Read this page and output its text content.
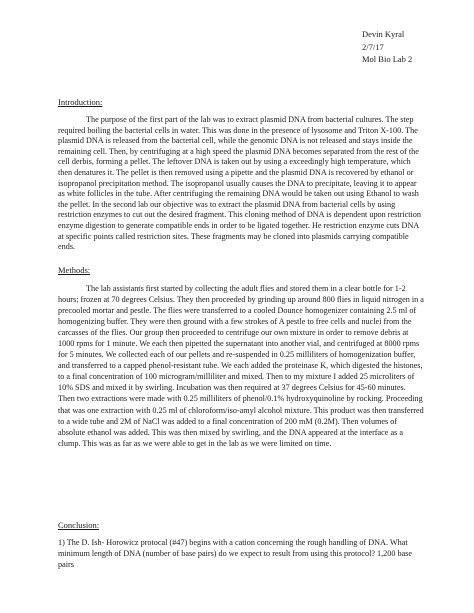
Devin Kyral
2/7/17
Mol Bio Lab 2
Introduction:

The purpose of the first part of the lab was to extract plasmid DNA from bacterial cultures. The step required boiling the bacterial cells in water. This was done in the presence of lysosome and Triton X-100. The plasmid DNA is released from the bacterial cell, while the genomic DNA is not released and stays inside the remaining cell. Then, by centrifuging at a high speed the plasmid DNA becomes separated from the rest of the cell derbis, forming a pellet. The leftover DNA is taken out by using a exceedingly high temperature, which then denatures it. The pellet is then removed using a pipette and the plasmid DNA is recovered by ethanol or isopropanol precipitation method. The isopropanol usually causes the DNA to precipitate, leaving it to appear as white follicles in the tube. After centrifuging the remaining DNA would be taken out using Ethanol to wash the pellet. In the second lab our objective was to extract the plasmid DNA from bacterial cells by using restriction enzymes to cut out the desired fragment. This cloning method of DNA is dependent upon restriction enzyme digestion to generate compatible ends in order to be ligated together. He restriction enzyme cuts DNA at specific points called restriction sites. These fragments may be cloned into plasmids carrying compatible ends.

Methods:

The lab assistants first started by collecting the adult flies and stored them in a clear bottle for 1-2 hours; frozen at 70 degrees Celsius. They then proceeded by grinding up around 800 flies in liquid nitrogen in a precooled mortar and pestle. The flies were transferred to a cooled Dounce homogenizer containing 2.5 ml of homogenizing buffer. They were then ground with a few strokes of A pestle to free cells and nuclei from the carcasses of the flies. Our group then proceeded to centrifuge our own mixture in order to remove debris at 1000 rpms for 1 minute. We each then pipetted the supernatant into another vial, and centrifuged at 8000 rpms for 5 minutes. We collected each of our pellets and re-suspended in 0.25 milliliters of homogenization buffer, and transferred to a capped phenol-resistant tube. We each added the proteinase K, which digested the histones, to a final concentration of 100 microgram/milliliter and mixed. Then to my mixture I added 25 microliters of 10% SDS and mixed it by swirling. Incubation was then required at 37 degrees Celsius for 45-60 minutes. Then two extractions were made with 0.25 milliliters of phenol/0.1% hydroxyquinoline by rocking. Proceeding that was one extraction with 0.25 ml of chloroform/iso-amyl alcohol mixture. This product was then transferred to a wide tube and 2M of NaCl was added to a final concentration of 200 mM (0.2M). Then volumes of absolute ethanol was added. This was then mixed by swirling, and the DNA appeared at the interface as a clump. This was as far as we were able to get in the lab as we were limited on time.

Conclusion:

1) The D. Ish- Horowicz protocal (#47) begins with a cation concerning the rough handling of DNA. What minimum length of DNA (number of base pairs) do we expect to result from using this protocol? 1,200 base pairs
